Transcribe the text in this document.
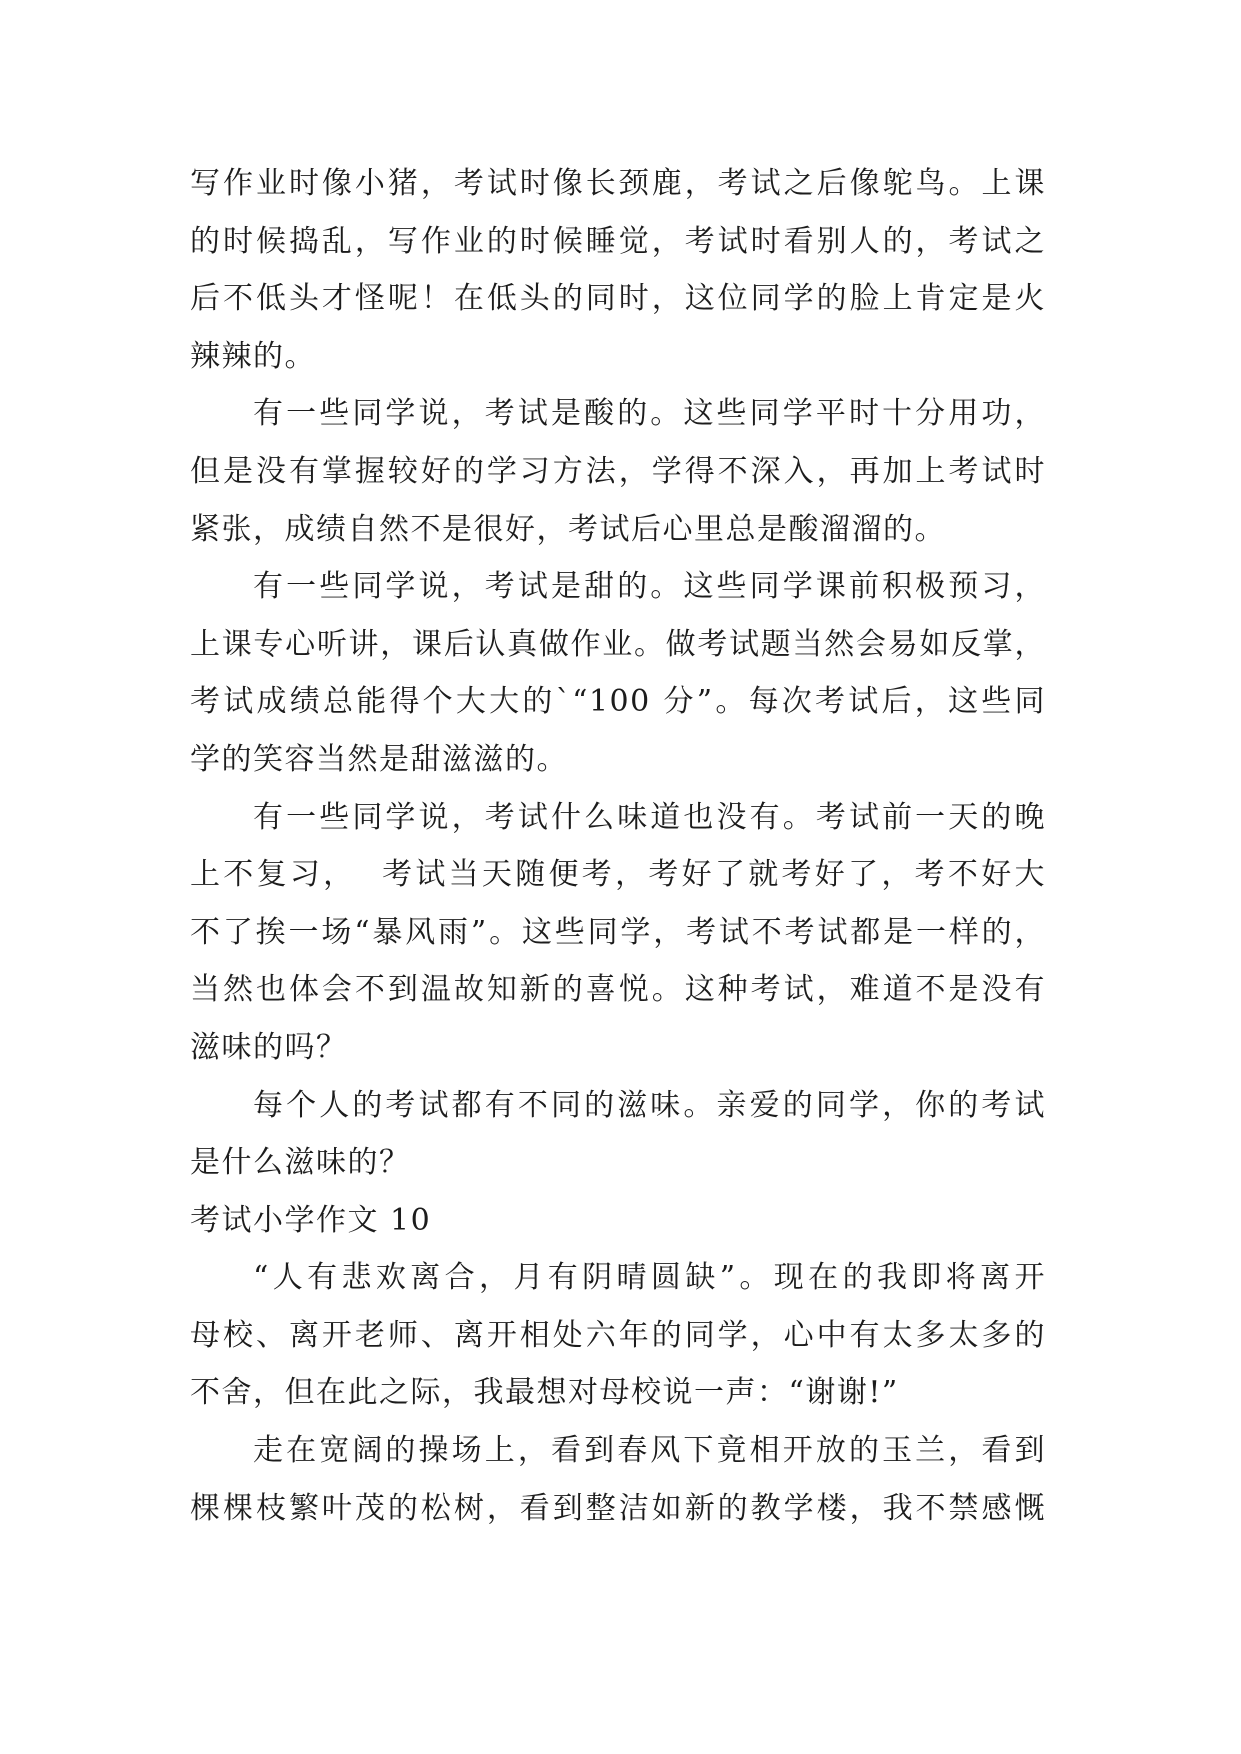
写作业时像小猪，考试时像长颈鹿，考试之后像鸵鸟。上课
的时候捣乱，写作业的时候睡觉，考试时看别人的，考试之
后不低头才怪呢！在低头的同时，这位同学的脸上肯定是火
辣辣的。
有一些同学说，考试是酸的。这些同学平时十分用功，
但是没有掌握较好的学习方法，学得不深入，再加上考试时
紧张，成绩自然不是很好，考试后心里总是酸溜溜的。
有一些同学说，考试是甜的。这些同学课前积极预习，
上课专心听讲，课后认真做作业。做考试题当然会易如反掌，
考试成绩总能得个大大的`“100 分”。每次考试后，这些同
学的笑容当然是甜滋滋的。
有一些同学说，考试什么味道也没有。考试前一天的晚
上不复习，  考试当天随便考，考好了就考好了，考不好大
不了挨一场“暴风雨”。这些同学，考试不考试都是一样的，
当然也体会不到温故知新的喜悦。这种考试，难道不是没有
滋味的吗？
每个人的考试都有不同的滋味。亲爱的同学，你的考试
是什么滋味的？
考试小学作文 10
“人有悲欢离合，月有阴晴圆缺”。现在的我即将离开
母校、离开老师、离开相处六年的同学，心中有太多太多的
不舍，但在此之际，我最想对母校说一声：“谢谢!”
走在宽阔的操场上，看到春风下竟相开放的玉兰，看到
棵棵枝繁叶茂的松树，看到整洁如新的教学楼，我不禁感慨
